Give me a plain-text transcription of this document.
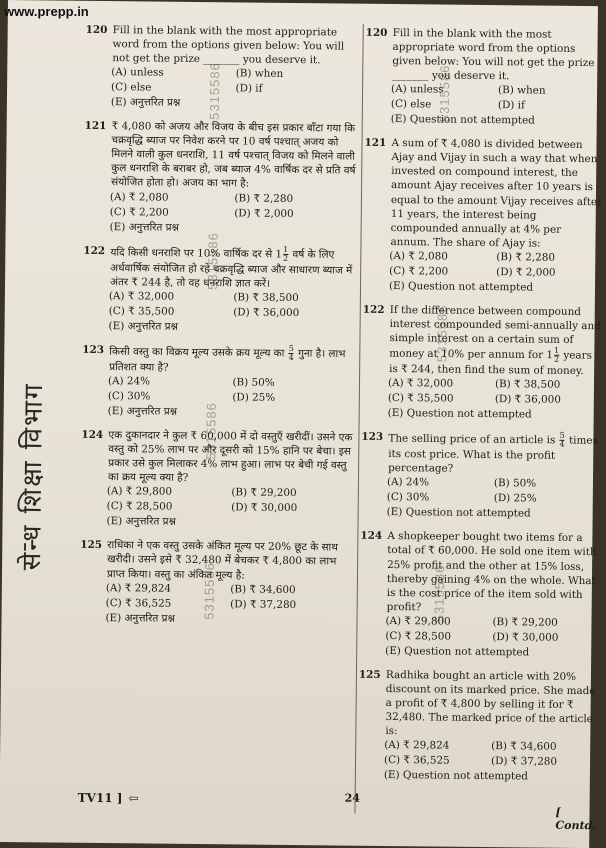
5315586
5315586
5315586
5315586
5315586
5315586
5315586
सेन्ध शिक्षा विभाग
120 Fill in the blank with the most appropriate word from the options given below: You will not get the prize _______ you deserve it.
(A) unless	(B) when
(C) else	(D) if
(E) अनुत्तरित प्रश्न
121 ₹ 4,080 को अजय और विजय के बीच इस प्रकार बाँटा गया कि चक्रवृद्धि ब्याज पर निवेश करने पर 10 वर्ष पश्चात् अजय को मिलने वाली कुल धनराशि, 11 वर्ष पश्चात् विजय को मिलने वाली कुल धनराशि के बराबर हो, जब ब्याज 4% वार्षिक दर से प्रति वर्ष संयोजित होता हो। अजय का भाग है:
(A) ₹ 2,080	(B) ₹ 2,280
(C) ₹ 2,200	(D) ₹ 2,000
(E) अनुत्तरित प्रश्न
122 यदि किसी धनराशि पर 10% वार्षिक दर से $1 \frac{1}{2}$ वर्ष के लिए अर्धवार्षिक संयोजित हो रहे चक्रवृद्धि ब्याज और साधारण ब्याज में अंतर ₹ 244 है, तो वह धनराशि ज्ञात करें।
(A) ₹ 32,000	(B) ₹ 38,500
(C) ₹ 35,500	(D) ₹ 36,000
(E) अनुत्तरित प्रश्न
123 किसी वस्तु का विक्रय मूल्य उसके क्रय मूल्य का $\frac{5}{4}$ गुना है। लाभ प्रतिशत क्या है?
(A) 24%	(B) 50%
(C) 30%	(D) 25%
(E) अनुत्तरित प्रश्न
124 एक दुकानदार ने कुल ₹ 60,000 में दो वस्तुएँ खरीदीं। उसने एक वस्तु को 25% लाभ पर और दूसरी को 15% हानि पर बेचा। इस प्रकार उसे कुल मिलाकर 4% लाभ हुआ। लाभ पर बेची गई वस्तु का क्रय मूल्य क्या है?
(A) ₹ 29,800	(B) ₹ 29,200
(C) ₹ 28,500	(D) ₹ 30,000
(E) अनुत्तरित प्रश्न
125 राधिका ने एक वस्तु उसके अंकित मूल्य पर 20% छूट के साथ खरीदी। उसने इसे ₹ 32,480 में बेचकर ₹ 4,800 का लाभ प्राप्त किया। वस्तु का अंकित मूल्य है:
(A) ₹ 29,824	(B) ₹ 34,600
(C) ₹ 36,525	(D) ₹ 37,280
(E) अनुत्तरित प्रश्न
120 Fill in the blank with the most appropriate word from the options given below: You will not get the prize _______ you deserve it.
(A) unless	(B) when
(C) else	(D) if
(E) Question not attempted
121 A sum of ₹ 4,080 is divided between Ajay and Vijay in such a way that when invested on compound interest, the amount Ajay receives after 10 years is equal to the amount Vijay receives after 11 years, the interest being compounded annually at 4% per annum. The share of Ajay is:
(A) ₹ 2,080	(B) ₹ 2,280
(C) ₹ 2,200	(D) ₹ 2,000
(E) Question not attempted
122 If the difference between compound interest compounded semi-annually and simple interest on a certain sum of money at 10% per annum for $1 \frac{1}{2}$ years is ₹ 244, then find the sum of money.
(A) ₹ 32,000	(B) ₹ 38,500
(C) ₹ 35,500	(D) ₹ 36,000
(E) Question not attempted
123 The selling price of an article is $\frac{5}{4}$ times its cost price. What is the profit percentage?
(A) 24%	(B) 50%
(C) 30%	(D) 25%
(E) Question not attempted
124 A shopkeeper bought two items for a total of ₹ 60,000. He sold one item with 25% profit and the other at 15% loss, thereby gaining 4% on the whole. What is the cost price of the item sold with profit?
(A) ₹ 29,800	(B) ₹ 29,200
(C) ₹ 28,500	(D) ₹ 30,000
(E) Question not attempted
125 Radhika bought an article with 20% discount on its marked price. She made a profit of ₹ 4,800 by selling it for ₹ 32,480. The marked price of the article is:
(A) ₹ 29,824	(B) ₹ 34,600
(C) ₹ 36,525	(D) ₹ 37,280
(E) Question not attempted
TV11 ] ⇦	24
[ Contd.
www.prepp.in
